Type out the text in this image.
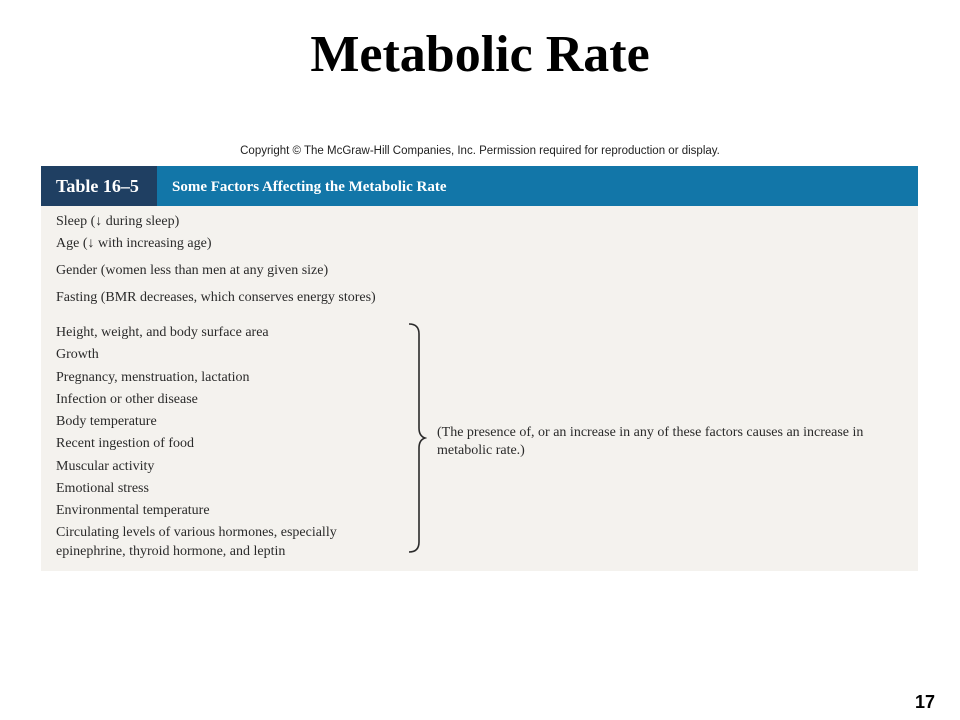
Metabolic Rate
Copyright © The McGraw-Hill Companies, Inc. Permission required for reproduction or display.
Table 16–5	Some Factors Affecting the Metabolic Rate
Sleep (↓ during sleep)
Age (↓ with increasing age)
Gender (women less than men at any given size)
Fasting (BMR decreases, which conserves energy stores)
Height, weight, and body surface area
Growth
Pregnancy, menstruation, lactation
Infection or other disease
Body temperature
Recent ingestion of food
Muscular activity
Emotional stress
Environmental temperature
Circulating levels of various hormones, especially
epinephrine, thyroid hormone, and leptin
(The presence of, or an increase in any of these factors causes an increase in metabolic rate.)
17
